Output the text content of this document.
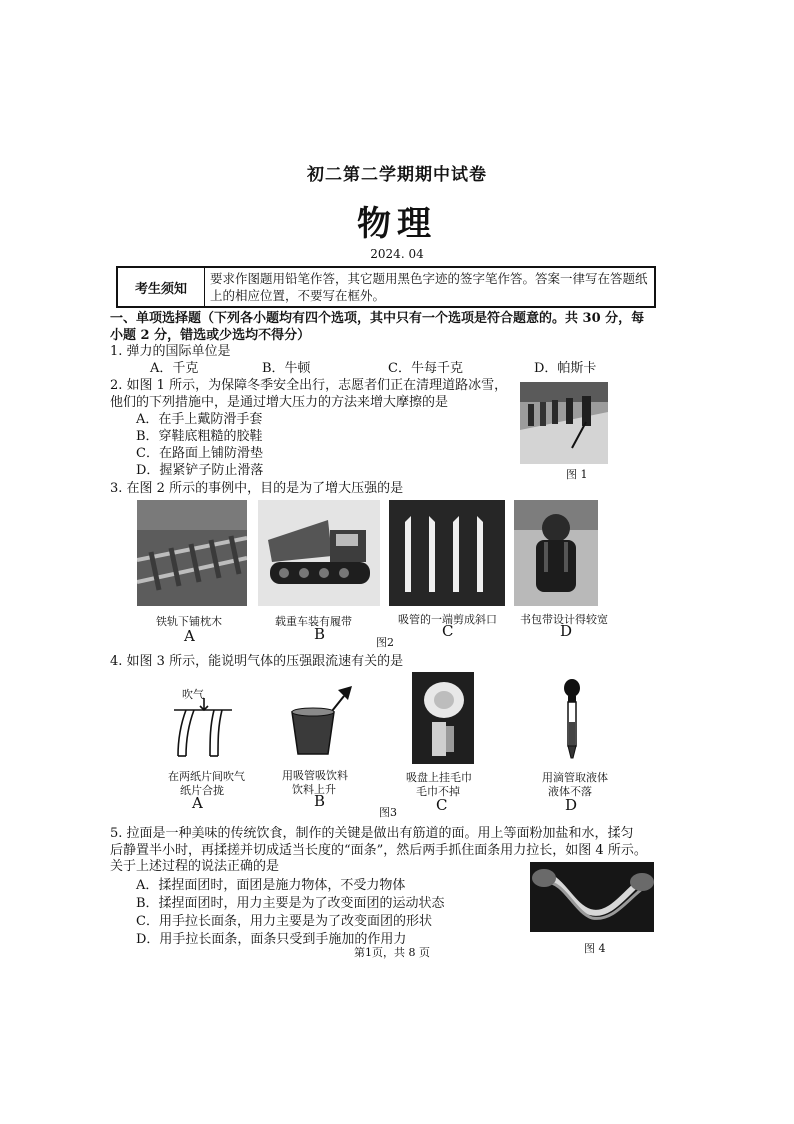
初二第二学期期中试卷
物理
2024. 04
考生须知
要求作图题用铅笔作答，其它题用黑色字迹的签字笔作答。答案一律写在答题纸上的相应位置，不要写在框外。
一、单项选择题（下列各小题均有四个选项，其中只有一个选项是符合题意的。共 30 分，每
小题 2 分，错选或少选均不得分）
1. 弹力的国际单位是
A．千克	B．牛顿	C．牛每千克	D．帕斯卡
2. 如图 1 所示，为保障冬季安全出行，志愿者们正在清理道路冰雪，
他们的下列措施中，是通过增大压力的方法来增大摩擦的是
A．在手上戴防滑手套
B．穿鞋底粗糙的胶鞋
C．在路面上铺防滑垫
D．握紧铲子防止滑落	图 1
3. 在图 2 所示的事例中，目的是为了增大压强的是
铁轨下铺枕木	载重车装有履带	吸管的一端剪成斜口 书包带设计得较宽
A	B	C	D
图2
4. 如图 3 所示，能说明气体的压强跟流速有关的是
吹气
在两纸片间吹气
纸片合拢
用吸管吸饮料
饮料上升
吸盘上挂毛巾
毛巾不掉
用滴管取液体
液体不落
A	B	C	D
图3
5. 拉面是一种美味的传统饮食，制作的关键是做出有筋道的面。用上等面粉加盐和水，揉匀
后静置半小时，再揉搓并切成适当长度的“面条”，然后两手抓住面条用力拉长，如图 4 所示。
关于上述过程的说法正确的是
A．揉捏面团时，面团是施力物体，不受力物体
B．揉捏面团时，用力主要是为了改变面团的运动状态
C．用手拉长面条，用力主要是为了改变面团的形状
D．用手拉长面条，面条只受到手施加的作用力
图 4
第1页，共 8 页
